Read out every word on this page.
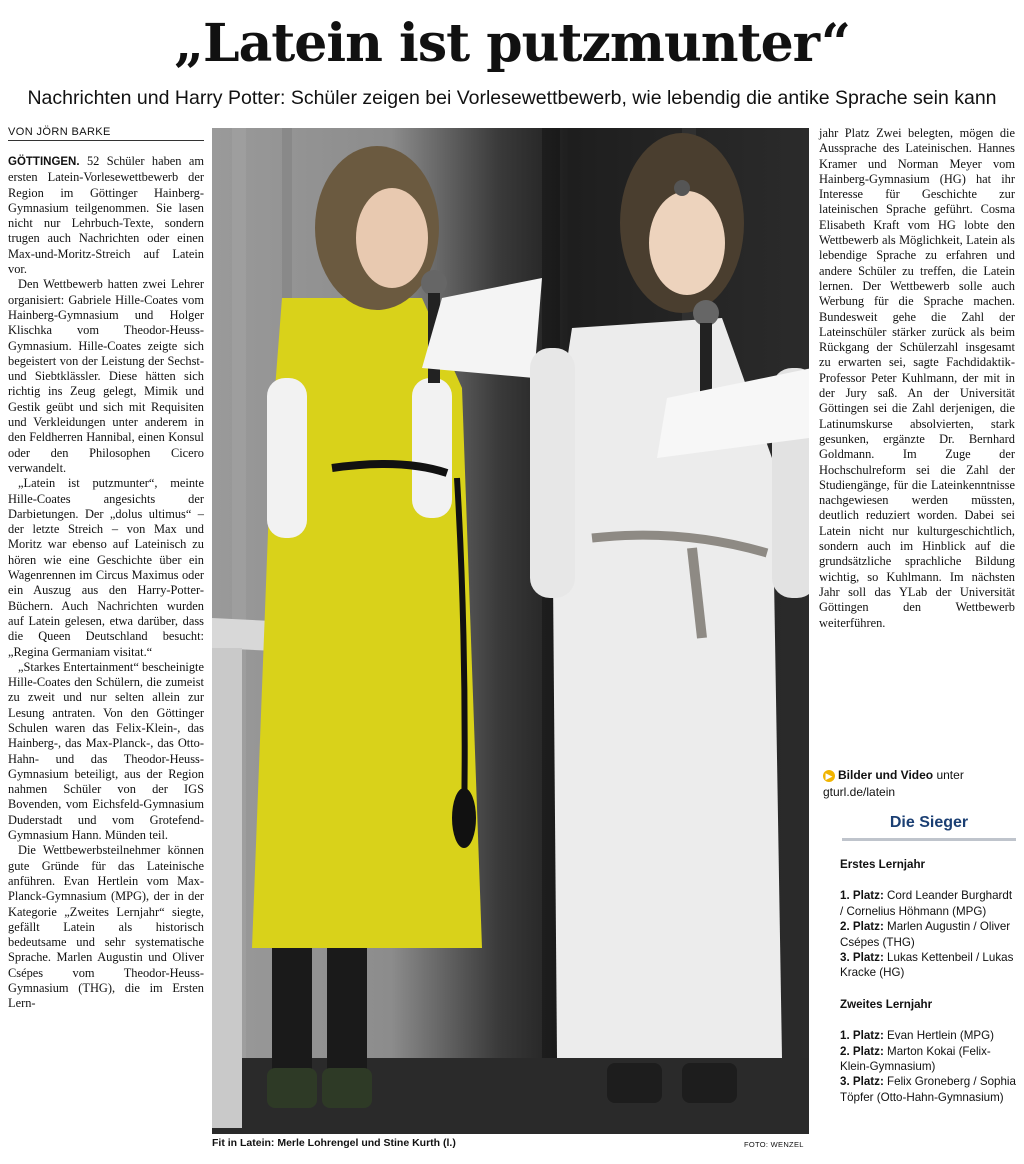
„Latein ist putzmunter“
Nachrichten und Harry Potter: Schüler zeigen bei Vorlesewettbewerb, wie lebendig die antike Sprache sein kann
VON JÖRN BARKE

GÖTTINGEN. 52 Schüler haben am ersten Latein-Vorlesewettbewerb der Region im Göttinger Hainberg-Gymnasium teilgenommen. Sie lasen nicht nur Lehrbuch-Texte, sondern trugen auch Nachrichten oder einen Max-und-Moritz-Streich auf Latein vor.

Den Wettbewerb hatten zwei Lehrer organisiert: Gabriele Hille-Coates vom Hainberg-Gymnasium und Holger Klischka vom Theodor-Heuss-Gymnasium. Hille-Coates zeigte sich begeistert von der Leistung der Sechst- und Siebtklässler. Diese hätten sich richtig ins Zeug gelegt, Mimik und Gestik geübt und sich mit Requisiten und Verkleidungen unter anderem in den Feldherren Hannibal, einen Konsul oder den Philosophen Cicero verwandelt.

„Latein ist putzmunter“, meinte Hille-Coates angesichts der Darbietungen. Der „dolus ultimus“ – der letzte Streich – von Max und Moritz war ebenso auf Lateinisch zu hören wie eine Geschichte über ein Wagenrennen im Circus Maximus oder ein Auszug aus den Harry-Potter-Büchern. Auch Nachrichten wurden auf Latein gelesen, etwa darüber, dass die Queen Deutschland besucht: „Regina Germaniam visitat.“

„Starkes Entertainment“ bescheinigte Hille-Coates den Schülern, die zumeist zu zweit und nur selten allein zur Lesung antraten. Von den Göttinger Schulen waren das Felix-Klein-, das Hainberg-, das Max-Planck-, das Otto-Hahn- und das Theodor-Heuss-Gymnasium beteiligt, aus der Region nahmen Schüler von der IGS Bovenden, vom Eichsfeld-Gymnasium Duderstadt und vom Grotefend-Gymnasium Hann. Münden teil.

Die Wettbewerbsteilnehmer können gute Gründe für das Lateinische anführen. Evan Hertlein vom Max-Planck-Gymnasium (MPG), der in der Kategorie „Zweites Lernjahr“ siegte, gefällt Latein als historisch bedeutsame und sehr systematische Sprache. Marlen Augustin und Oliver Csépes vom Theodor-Heuss-Gymnasium (THG), die im Ersten Lern-

Fit in Latein: Merle Lohrengel und Stine Kurth (l.)	FOTO: WENZEL

jahr Platz Zwei belegten, mögen die Aussprache des Lateinischen. Hannes Kramer und Norman Meyer vom Hainberg-Gymnasium (HG) hat ihr Interesse für Geschichte zur lateinischen Sprache geführt. Cosma Elisabeth Kraft vom HG lobte den Wettbewerb als Möglichkeit, Latein als lebendige Sprache zu erfahren und andere Schüler zu treffen, die Latein lernen. Der Wettbewerb solle auch Werbung für die Sprache machen. Bundesweit gehe die Zahl der Lateinschüler stärker zurück als beim Rückgang der Schülerzahl insgesamt zu erwarten sei, sagte Fachdidaktik-Professor Peter Kuhlmann, der mit in der Jury saß. An der Universität Göttingen sei die Zahl derjenigen, die Latinumskurse absolvierten, stark gesunken, ergänzte Dr. Bernhard Goldmann. Im Zuge der Hochschulreform sei die Zahl der Studiengänge, für die Lateinkenntnisse nachgewiesen werden müssten, deutlich reduziert worden. Dabei sei Latein nicht nur kulturgeschichtlich, sondern auch im Hinblick auf die grundsätzliche sprachliche Bildung wichtig, so Kuhlmann. Im nächsten Jahr soll das YLab der Universität Göttingen den Wettbewerb weiterführen.

▶ Bilder und Video unter
gturl.de/latein
Die Sieger
Erstes Lernjahr
1. Platz: Cord Leander Burghardt / Cornelius Höhmann (MPG)
2. Platz: Marlen Augustin / Oliver Csépes (THG)
3. Platz: Lukas Kettenbeil / Lukas Kracke (HG)
Zweites Lernjahr
1. Platz: Evan Hertlein (MPG)
2. Platz: Marton Kokai (Felix-Klein-Gymnasium)
3. Platz: Felix Groneberg / Sophia Töpfer (Otto-Hahn-Gymnasium)
